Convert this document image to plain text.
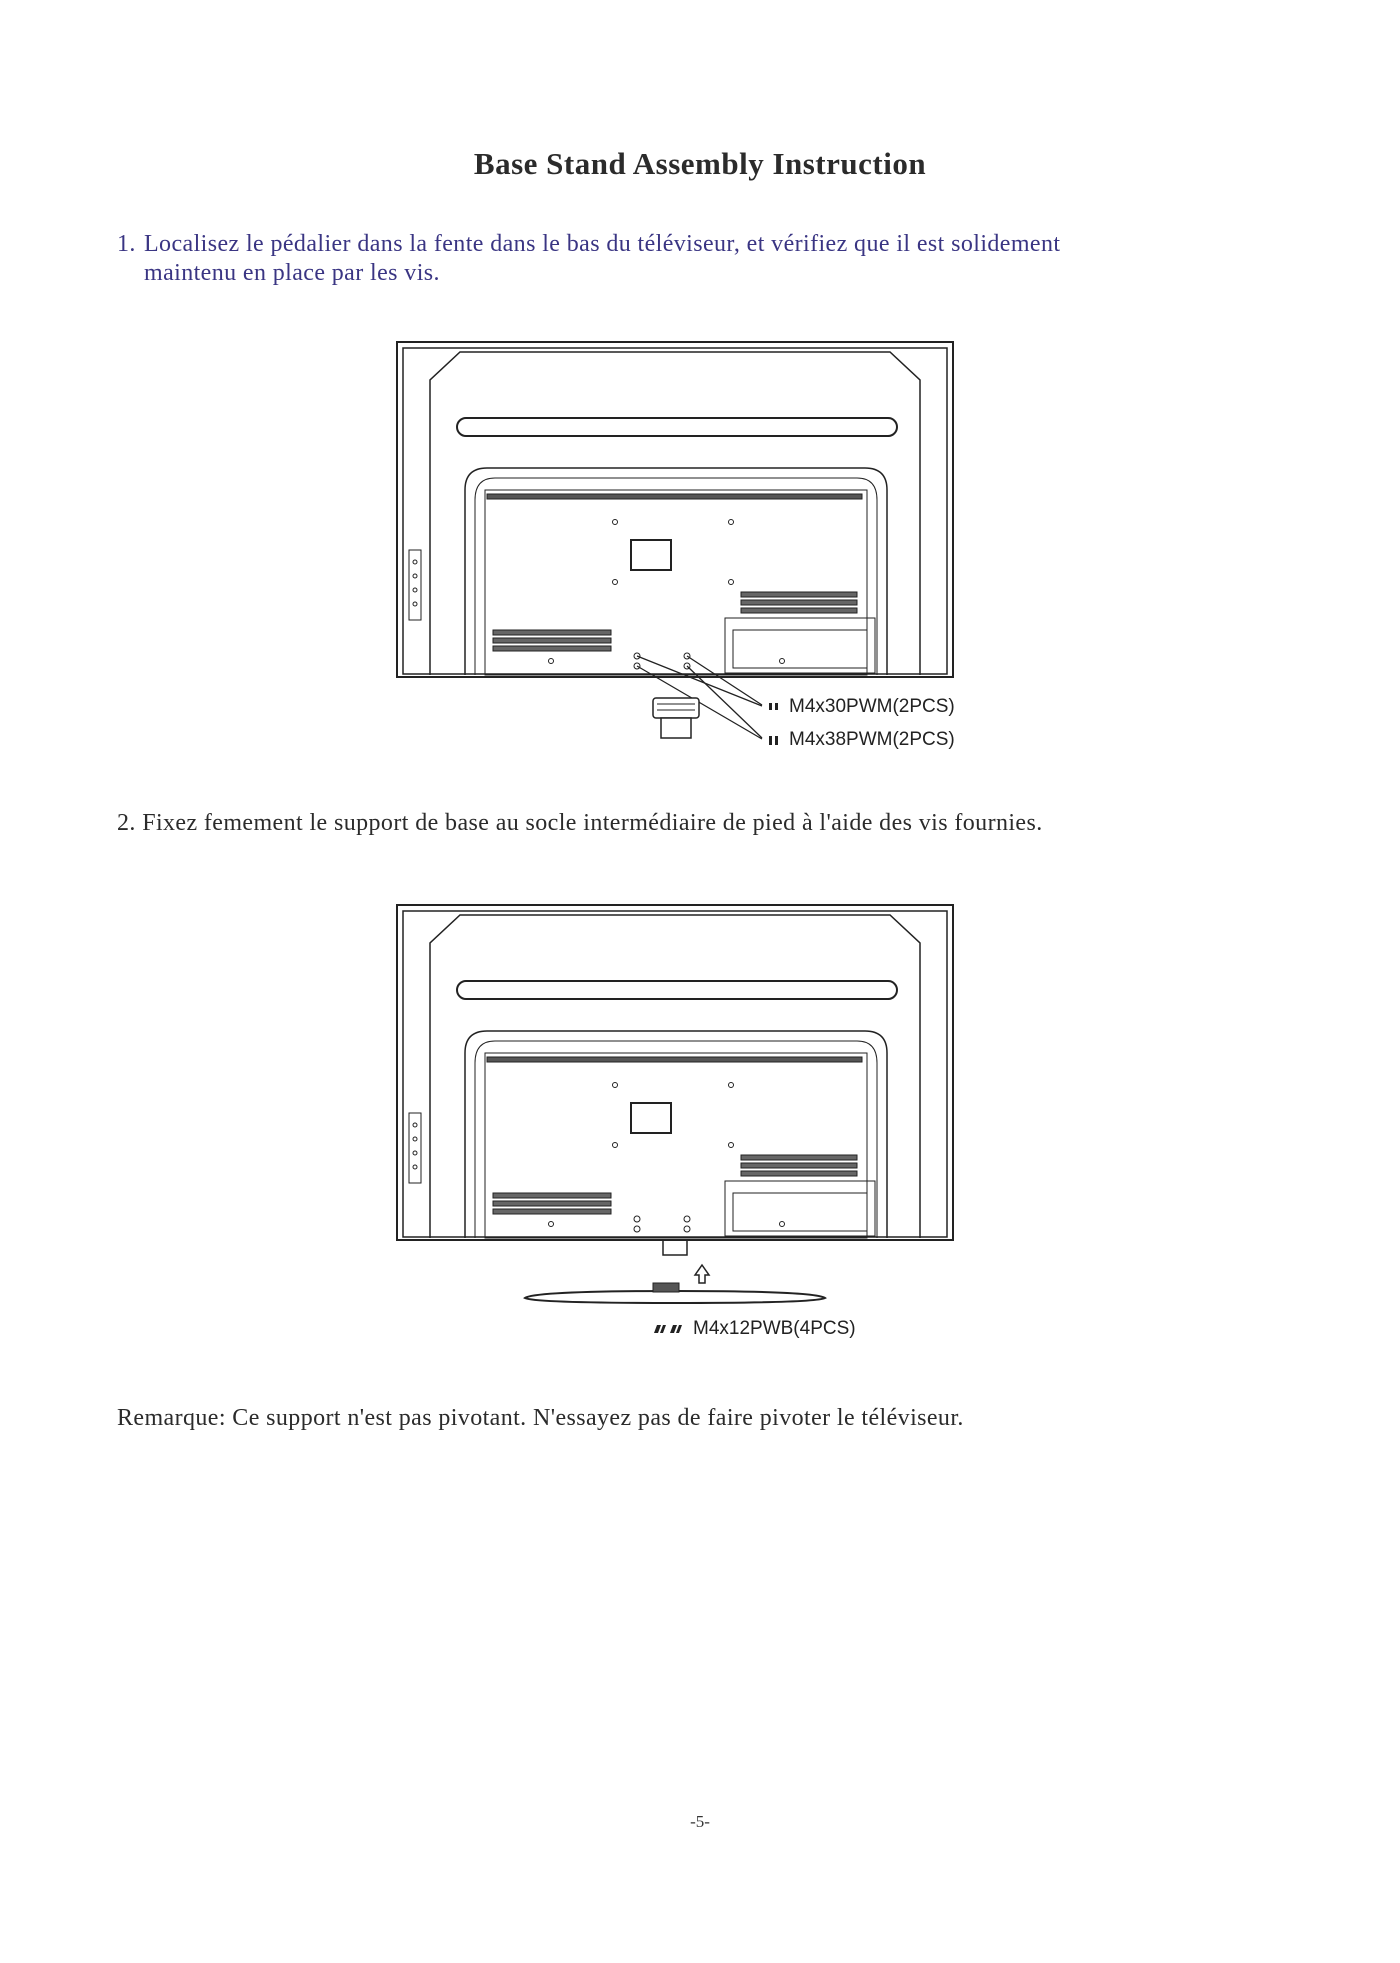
Base Stand Assembly Instruction
1. Localisez le pédalier dans la fente dans le bas du téléviseur, et vérifiez que il est solidement
maintenu en place par les vis.
M4x30PWM(2PCS)
M4x38PWM(2PCS)
2. Fixez femement le support de base au socle intermédiaire de pied à l'aide des vis fournies.
M4x12PWB(4PCS)
Remarque: Ce support n'est pas pivotant. N'essayez pas de faire pivoter le téléviseur.
-5-
